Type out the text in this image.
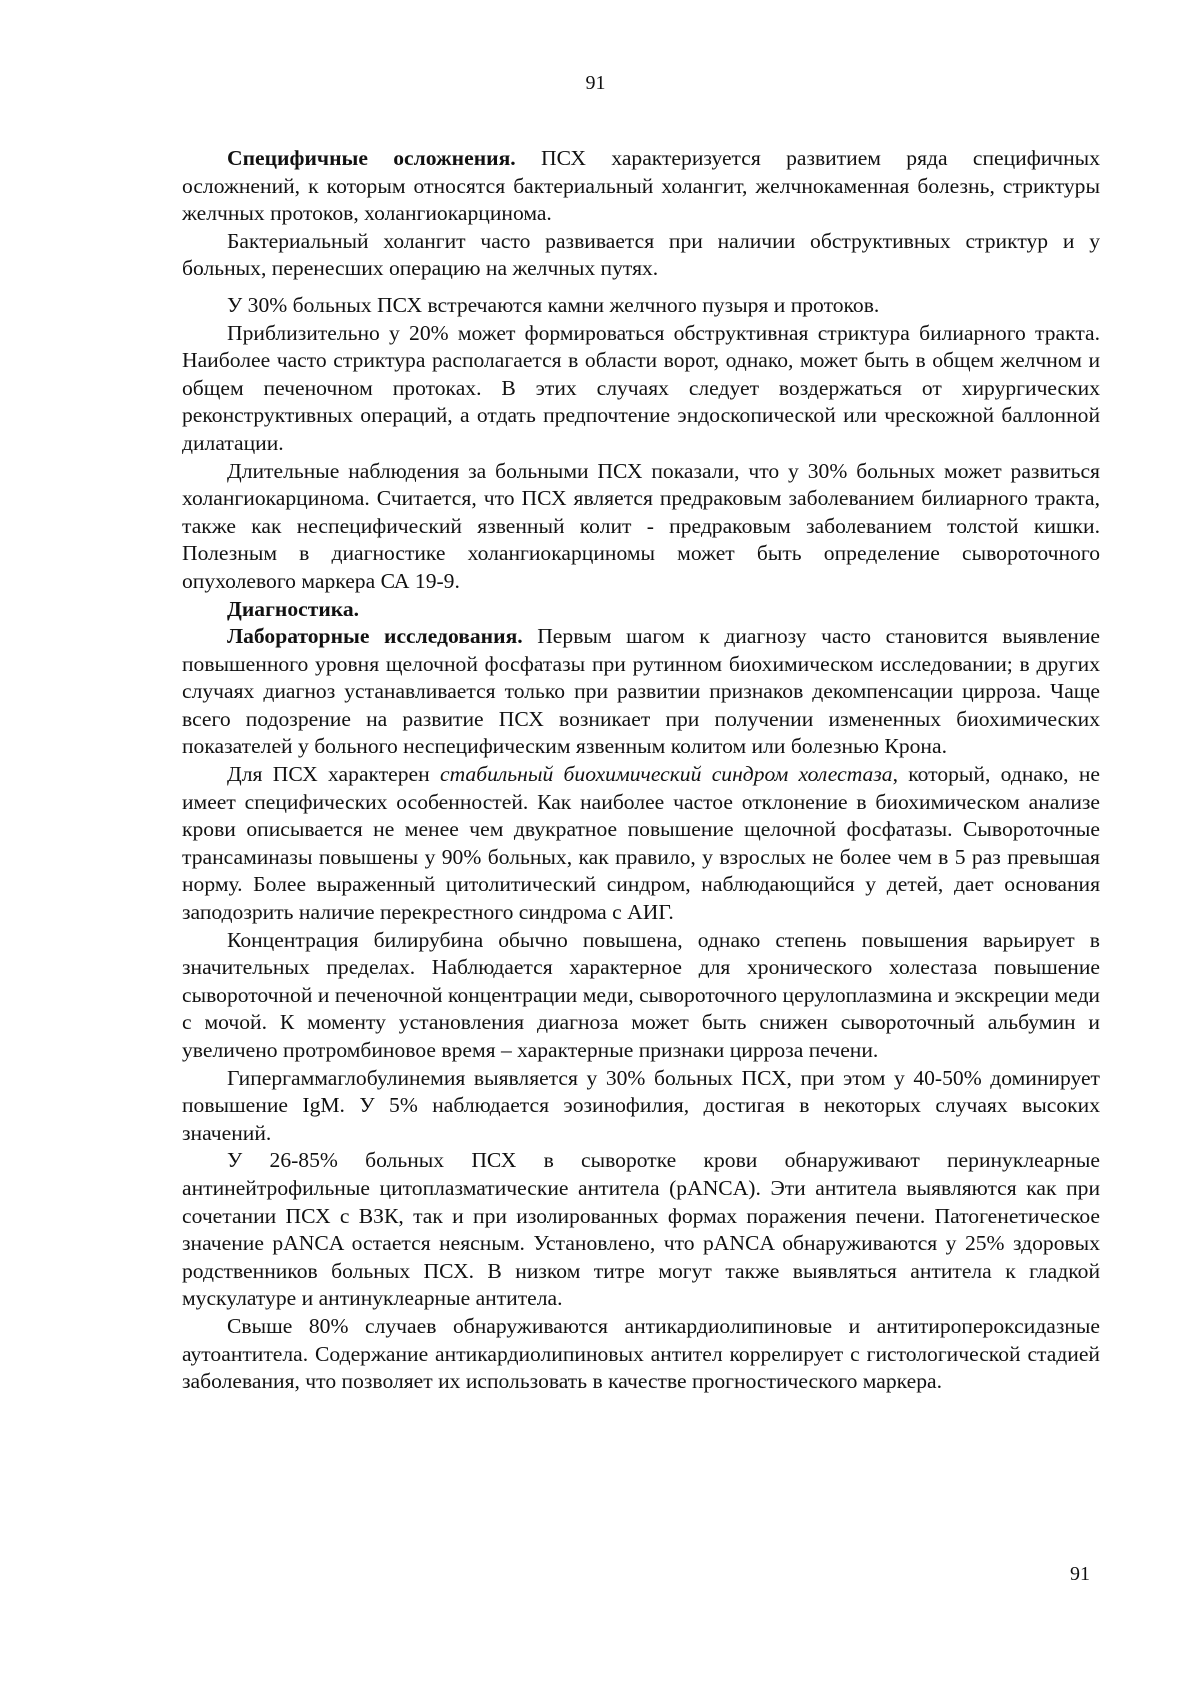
91

Специфичные осложнения. ПСХ характеризуется развитием ряда специфичных осложнений, к которым относятся бактериальный холангит, желчнокаменная болезнь, стриктуры желчных протоков, холангиокарцинома.

Бактериальный холангит часто развивается при наличии обструктивных стриктур и у больных, перенесших операцию на желчных путях.

У 30% больных ПСХ встречаются камни желчного пузыря и протоков.

Приблизительно у 20% может формироваться обструктивная стриктура билиарного тракта. Наиболее часто стриктура располагается в области ворот, однако, может быть в общем желчном и общем печеночном протоках. В этих случаях следует воздержаться от хирургических реконструктивных операций, а отдать предпочтение эндоскопической или чрескожной баллонной дилатации.

Длительные наблюдения за больными ПСХ показали, что у 30% больных может развиться холангиокарцинома. Считается, что ПСХ является предраковым заболеванием билиарного тракта, также как неспецифический язвенный колит - предраковым заболеванием толстой кишки. Полезным в диагностике холангиокарциномы может быть определение сывороточного опухолевого маркера СА 19-9.

Диагностика.

Лабораторные исследования. Первым шагом к диагнозу часто становится выявление повышенного уровня щелочной фосфатазы при рутинном биохимическом исследовании; в других случаях диагноз устанавливается только при развитии признаков декомпенсации цирроза. Чаще всего подозрение на развитие ПСХ возникает при получении измененных биохимических показателей у больного неспецифическим язвенным колитом или болезнью Крона.

Для ПСХ характерен стабильный биохимический синдром холестаза, который, однако, не имеет специфических особенностей. Как наиболее частое отклонение в биохимическом анализе крови описывается не менее чем двукратное повышение щелочной фосфатазы. Сывороточные трансаминазы повышены у 90% больных, как правило, у взрослых не более чем в 5 раз превышая норму. Более выраженный цитолитический синдром, наблюдающийся у детей, дает основания заподозрить наличие перекрестного синдрома с АИГ.

Концентрация билирубина обычно повышена, однако степень повышения варьирует в значительных пределах. Наблюдается характерное для хронического холестаза повышение сывороточной и печеночной концентрации меди, сывороточного церулоплазмина и экскреции меди с мочой. К моменту установления диагноза может быть снижен сывороточный альбумин и увеличено протромбиновое время – характерные признаки цирроза печени.

Гипергаммаглобулинемия выявляется у 30% больных ПСХ, при этом у 40-50% доминирует повышение IgM. У 5% наблюдается эозинофилия, достигая в некоторых случаях высоких значений.

У 26-85% больных ПСХ в сыворотке крови обнаруживают перинуклеарные антинейтрофильные цитоплазматические антитела (pANCA). Эти антитела выявляются как при сочетании ПСХ с ВЗК, так и при изолированных формах поражения печени. Патогенетическое значение pANCA остается неясным. Установлено, что pANCA обнаруживаются у 25% здоровых родственников больных ПСХ. В низком титре могут также выявляться антитела к гладкой мускулатуре и антинуклеарные антитела.

Свыше 80% случаев обнаруживаются антикардиолипиновые и антитиропероксидазные аутоантитела. Содержание антикардиолипиновых антител коррелирует с гистологической стадией заболевания, что позволяет их использовать в качестве прогностического маркера.

91
